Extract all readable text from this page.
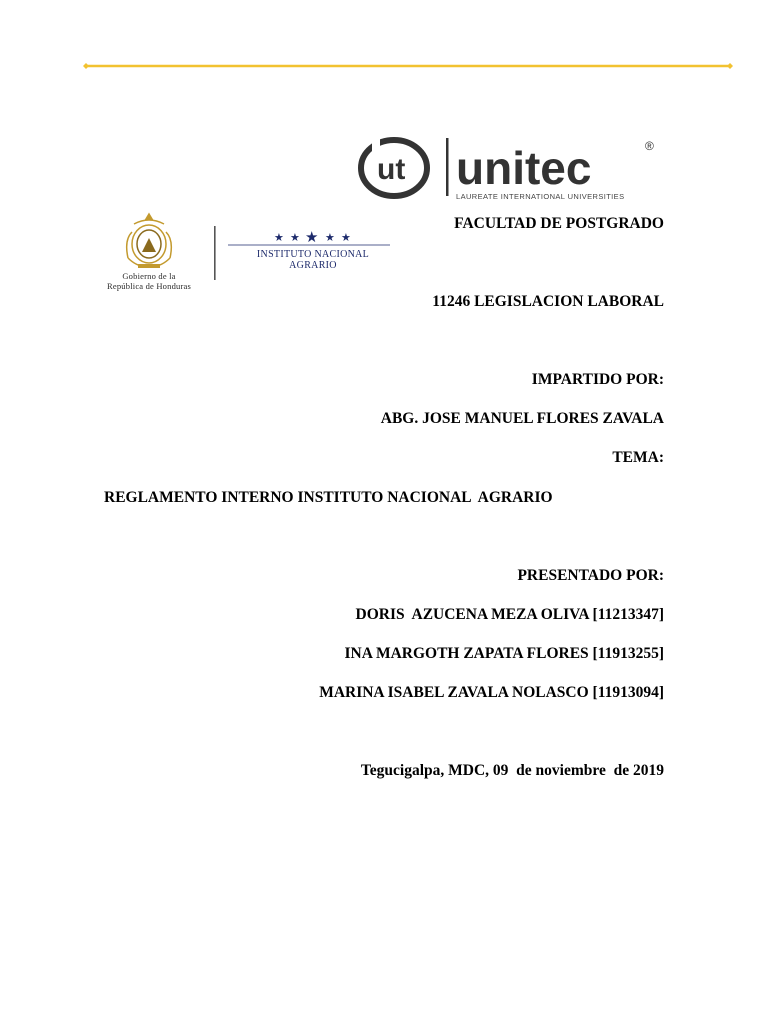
ut unitec	®
LAUREATE INTERNATIONAL UNIVERSITIES
Gobierno de la
República de Honduras
★ ★ ★ ★ ★
INSTITUTO NACIONAL
AGRARIO
FACULTAD DE POSTGRADO
11246 LEGISLACION LABORAL
IMPARTIDO POR:
ABG. JOSE MANUEL FLORES ZAVALA
TEMA:
REGLAMENTO INTERNO INSTITUTO NACIONAL  AGRARIO
PRESENTADO POR:
DORIS  AZUCENA MEZA OLIVA [11213347]
INA MARGOTH ZAPATA FLORES [11913255]
MARINA ISABEL ZAVALA NOLASCO [11913094]
Tegucigalpa, MDC, 09  de noviembre  de 2019
